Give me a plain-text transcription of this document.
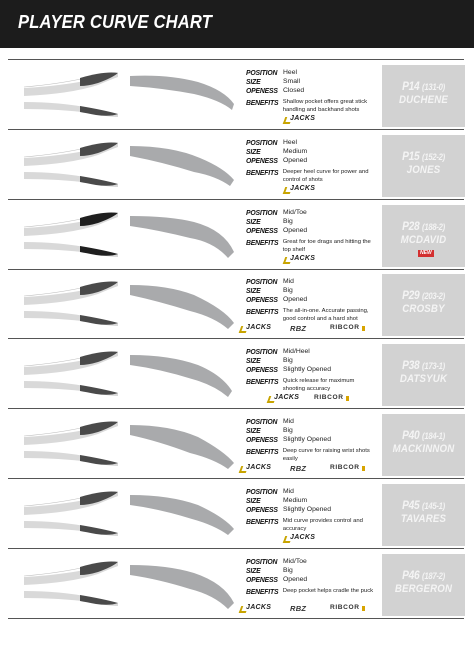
PLAYER CURVE CHART
POSITION Heel
SIZE	Small
OPENESS Closed
BENEFITS Shallow pocket offers great stick handling and backhand shots
JACKS
P14 (131-0)
DUCHENE
POSITION Heel
SIZE	Medium
OPENESS Opened
BENEFITS Deeper heel curve for power and control of shots
JACKS
P15 (152-2)
JONES
POSITION Mid/Toe
SIZE	Big
OPENESS Opened
BENEFITS Great for toe drags and hitting the top shelf
JACKS
P28 (188-2)
MCDAVID
NEW
POSITION Mid
SIZE	Big
OPENESS Opened
BENEFITS The all-in-one. Accurate passing, good control and a hard shot
JACKS	RBZ	RIBCOR
P29 (203-2)
CROSBY
POSITION Mid/Heel
SIZE	Big
OPENESS Slightly Opened
BENEFITS Quick release for maximum shooting accuracy
JACKS RIBCOR
P38 (173-1)
DATSYUK
POSITION Mid
SIZE	Big
OPENESS Slightly Opened
BENEFITS Deep curve for raising wrist shots easily
JACKS	RBZ	RIBCOR
P40 (184-1)
MACKINNON
POSITION Mid
SIZE	Medium
OPENESS Slightly Opened
BENEFITS Mid curve provides control and accuracy
JACKS
P45 (145-1)
TAVARES
POSITION Mid/Toe
SIZE	Big
OPENESS Opened
BENEFITS Deep pocket helps cradle the puck
JACKS	RBZ	RIBCOR
P46 (187-2)
BERGERON
